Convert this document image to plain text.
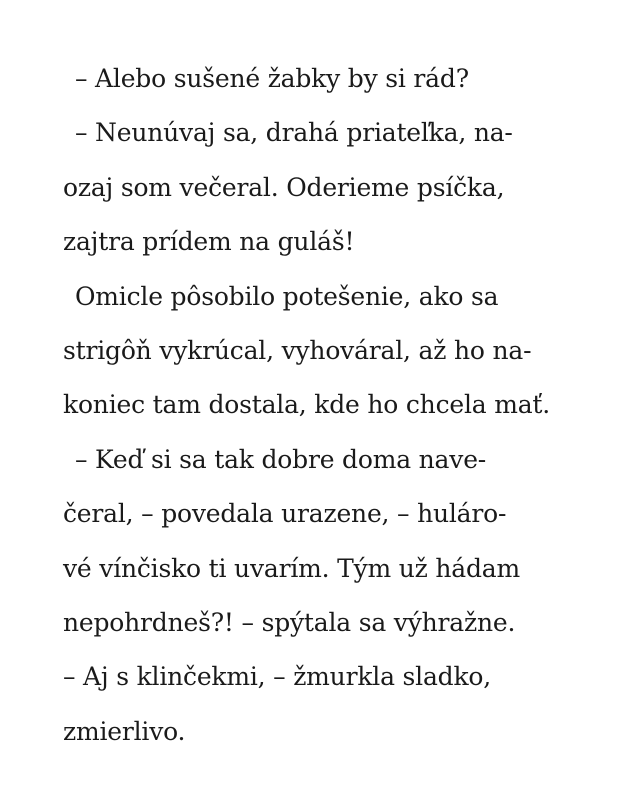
– Alebo sušené žabky by si rád?
– Neunúvaj sa, drahá priateľka, na-
ozaj som večeral. Oderieme psíčka,
zajtra prídem na guláš!
Omicle pôsobilo potešenie, ako sa
strigôň vykrúcal, vyhováral, až ho na-
koniec tam dostala, kde ho chcela mať.
– Keď si sa tak dobre doma nave-
čeral, – povedala urazene, – huláro-
vé vínčisko ti uvarím. Tým už hádam
nepohrdneš?! – spýtala sa výhražne.
– Aj s klinčekmi, – žmurkla sladko,
zmierlivo.
